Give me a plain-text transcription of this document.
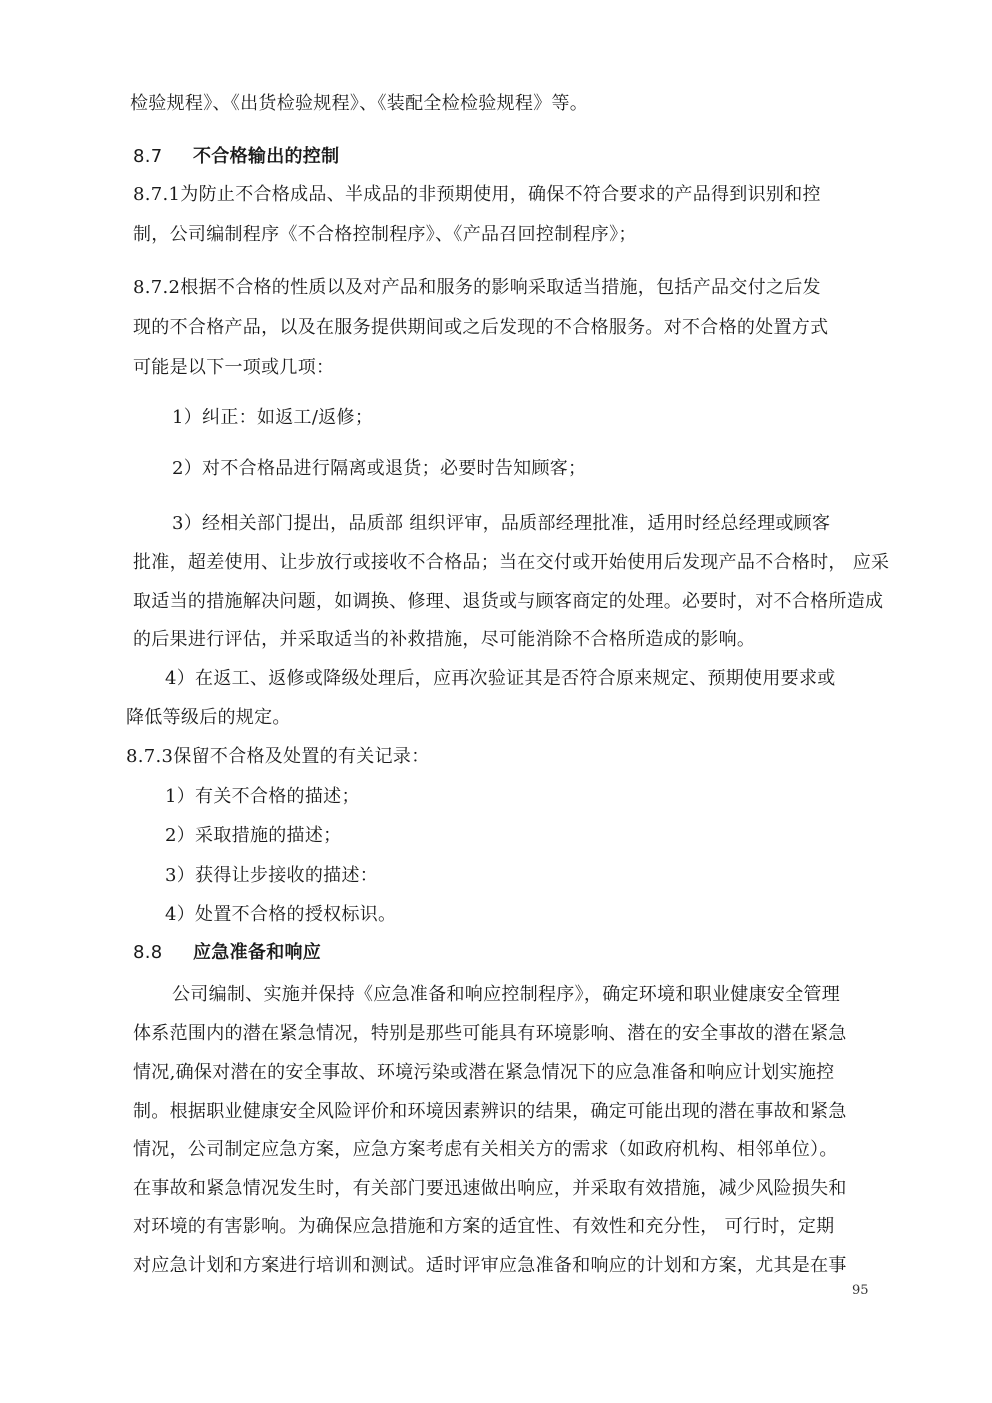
检验规程》、《出货检验规程》、《装配全检检验规程》等。
8.7 不合格输出的控制
8.7.1为防止不合格成品、半成品的非预期使用，确保不符合要求的产品得到识别和控
制，公司编制程序《不合格控制程序》、《产品召回控制程序》；
8.7.2根据不合格的性质以及对产品和服务的影响采取适当措施，包括产品交付之后发
现的不合格产品，以及在服务提供期间或之后发现的不合格服务。对不合格的处置方式
可能是以下一项或几项：
1）纠正：如返工/返修；
2）对不合格品进行隔离或退货；必要时告知顾客；
3）经相关部门提出，品质部 组织评审，品质部经理批准，适用时经总经理或顾客
批准，超差使用、让步放行或接收不合格品；当在交付或开始使用后发现产品不合格时， 应采
取适当的措施解决问题，如调换、修理、退货或与顾客商定的处理。必要时，对不合格所造成
的后果进行评估，并采取适当的补救措施，尽可能消除不合格所造成的影响。
4）在返工、返修或降级处理后，应再次验证其是否符合原来规定、预期使用要求或
降低等级后的规定。
8.7.3保留不合格及处置的有关记录：
1）有关不合格的描述；
2）采取措施的描述；
3）获得让步接收的描述：
4）处置不合格的授权标识。
8.8 应急准备和响应
公司编制、实施并保持《应急准备和响应控制程序》，确定环境和职业健康安全管理
体系范围内的潜在紧急情况，特别是那些可能具有环境影响、潜在的安全事故的潜在紧急
情况,确保对潜在的安全事故、环境污染或潜在紧急情况下的应急准备和响应计划实施控
制。根据职业健康安全风险评价和环境因素辨识的结果，确定可能出现的潜在事故和紧急
情况，公司制定应急方案，应急方案考虑有关相关方的需求（如政府机构、相邻单位）。
在事故和紧急情况发生时，有关部门要迅速做出响应，并采取有效措施，减少风险损失和
对环境的有害影响。为确保应急措施和方案的适宜性、有效性和充分性， 可行时，定期
对应急计划和方案进行培训和测试。适时评审应急准备和响应的计划和方案，尤其是在事
95
